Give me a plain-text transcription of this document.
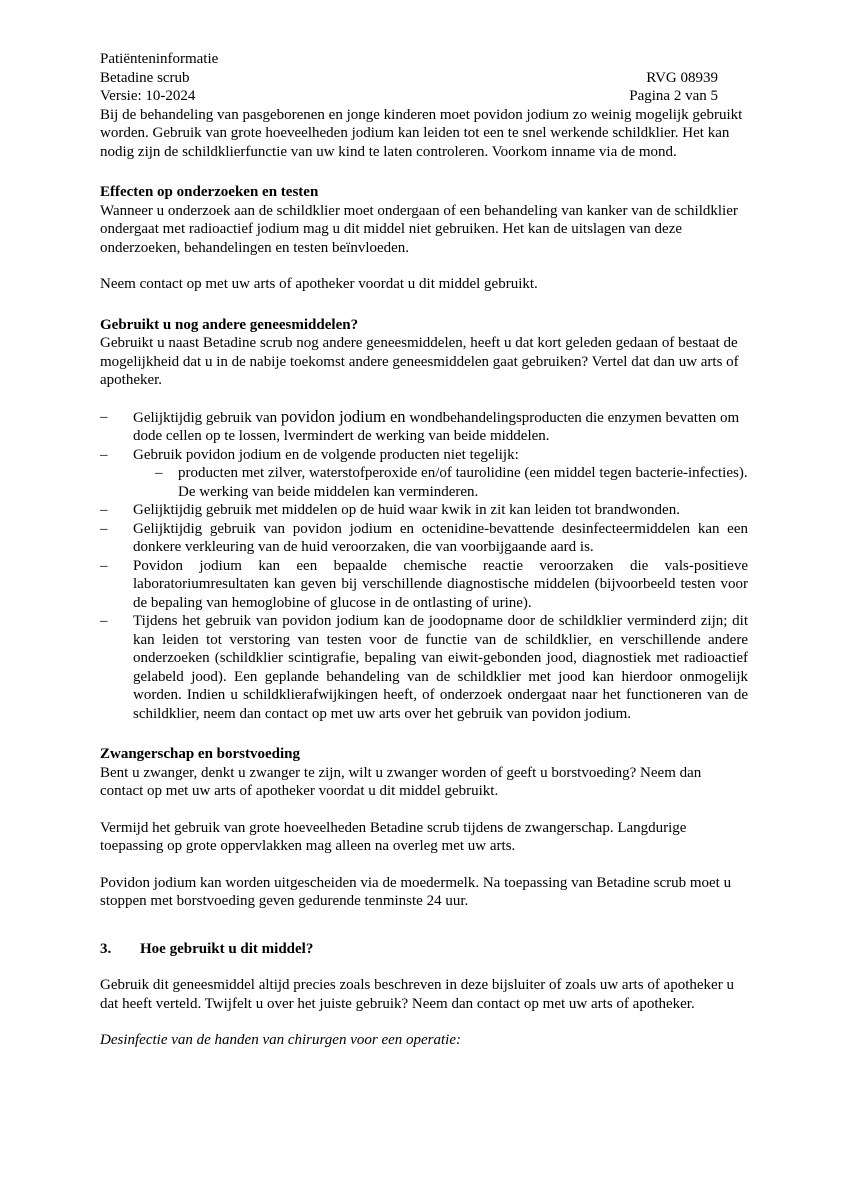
Patiënteninformatie
Betadine scrub	RVG 08939
Versie: 10-2024	Pagina 2 van 5
Bij de behandeling van pasgeborenen en jonge kinderen moet povidon jodium zo weinig mogelijk gebruikt worden. Gebruik van grote hoeveelheden jodium kan leiden tot een te snel werkende schildklier. Het kan nodig zijn de schildklierfunctie van uw kind te laten controleren. Voorkom inname via de mond.
Effecten op onderzoeken en testen
Wanneer u onderzoek aan de schildklier moet ondergaan of een behandeling van kanker van de schildklier ondergaat met radioactief jodium mag u dit middel niet gebruiken. Het kan de uitslagen van deze onderzoeken, behandelingen en testen beïnvloeden.
Neem contact op met uw arts of apotheker voordat u dit middel gebruikt.
Gebruikt u nog andere geneesmiddelen?
Gebruikt u naast Betadine scrub nog andere geneesmiddelen, heeft u dat kort geleden gedaan of bestaat de mogelijkheid dat u in de nabije toekomst andere geneesmiddelen gaat gebruiken? Vertel dat dan uw arts of apotheker.
–	Gelijktijdig gebruik van povidon jodium en wondbehandelingsproducten die enzymen bevatten om dode cellen op te lossen, lvermindert de werking van beide middelen.
–	Gebruik povidon jodium en de volgende producten niet tegelijk:
–	producten met zilver, waterstofperoxide en/of taurolidine (een middel tegen bacterie-infecties). De werking van beide middelen kan verminderen.
–	Gelijktijdig gebruik met middelen op de huid waar kwik in zit kan leiden tot brandwonden.
–	Gelijktijdig gebruik van povidon jodium en octenidine-bevattende desinfecteermiddelen kan een donkere verkleuring van de huid veroorzaken, die van voorbijgaande aard is.
–	Povidon jodium kan een bepaalde chemische reactie veroorzaken die vals-positieve laboratoriumresultaten kan geven bij verschillende diagnostische middelen (bijvoorbeeld testen voor de bepaling van hemoglobine of glucose in de ontlasting of urine).
–	Tijdens het gebruik van povidon jodium kan de joodopname door de schildklier verminderd zijn; dit kan leiden tot verstoring van testen voor de functie van de schildklier, en verschillende andere onderzoeken (schildklier scintigrafie, bepaling van eiwit-gebonden jood, diagnostiek met radioactief gelabeld jood). Een geplande behandeling van de schildklier met jood kan hierdoor onmogelijk worden. Indien u schildklierafwijkingen heeft, of onderzoek ondergaat naar het functioneren van de schildklier, neem dan contact op met uw arts over het gebruik van povidon jodium.
Zwangerschap en borstvoeding
Bent u zwanger, denkt u zwanger te zijn, wilt u zwanger worden of geeft u borstvoeding? Neem dan contact op met uw arts of apotheker voordat u dit middel gebruikt.
Vermijd het gebruik van grote hoeveelheden Betadine scrub tijdens de zwangerschap. Langdurige toepassing op grote oppervlakken mag alleen na overleg met uw arts.
Povidon jodium kan worden uitgescheiden via de moedermelk. Na toepassing van Betadine scrub moet u stoppen met borstvoeding geven gedurende tenminste 24 uur.
3. Hoe gebruikt u dit middel?
Gebruik dit geneesmiddel altijd precies zoals beschreven in deze bijsluiter of zoals uw arts of apotheker u dat heeft verteld. Twijfelt u over het juiste gebruik? Neem dan contact op met uw arts of apotheker.
Desinfectie van de handen van chirurgen voor een operatie:
